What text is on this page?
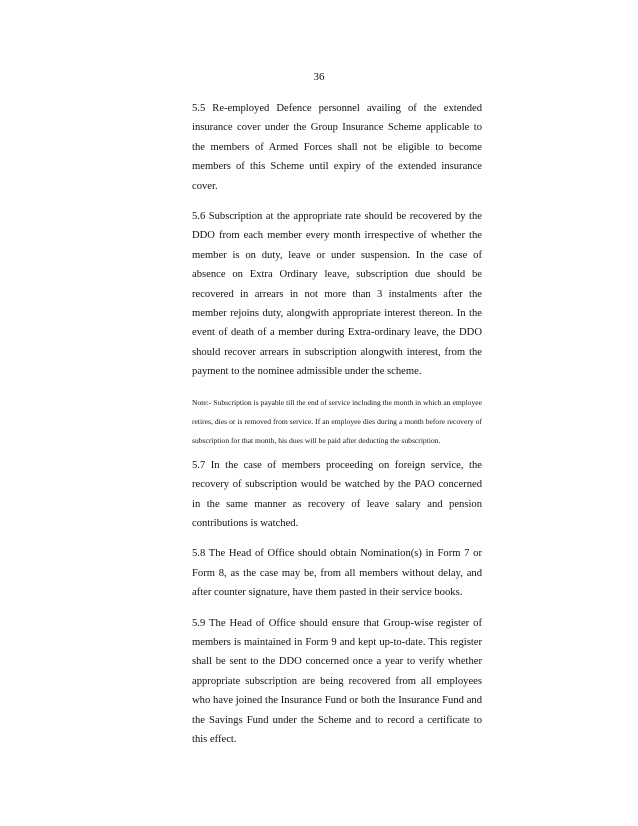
36

5.5 Re-employed Defence personnel availing of the extended insurance cover under the Group Insurance Scheme applicable to the members of Armed Forces shall not be eligible to become members of this Scheme until expiry of the extended insurance cover.

5.6 Subscription at the appropriate rate should be recovered by the DDO from each member every month irrespective of whether the member is on duty, leave or under suspension. In the case of absence on Extra Ordinary leave, subscription due should be recovered in arrears in not more than 3 instalments after the member rejoins duty, alongwith appropriate interest thereon. In the event of death of a member during Extra-ordinary leave, the DDO should recover arrears in subscription alongwith interest, from the payment to the nominee admissible under the scheme.

Note:- Subscription is payable till the end of service including the month in which an employee retires, dies or is removed from service. If an employee dies during a month before recovery of subscription for that month, his dues will be paid after deducting the subscription.

5.7 In the case of members proceeding on foreign service, the recovery of subscription would be watched by the PAO concerned in the same manner as recovery of leave salary and pension contributions is watched.

5.8 The Head of Office should obtain Nomination(s) in Form 7 or Form 8, as the case may be, from all members without delay, and after counter signature, have them pasted in their service books.

5.9 The Head of Office should ensure that Group-wise register of members is maintained in Form 9 and kept up-to-date. This register shall be sent to the DDO concerned once a year to verify whether appropriate subscription are being recovered from all employees who have joined the Insurance Fund or both the Insurance Fund and the Savings Fund under the Scheme and to record a certificate to this effect.
